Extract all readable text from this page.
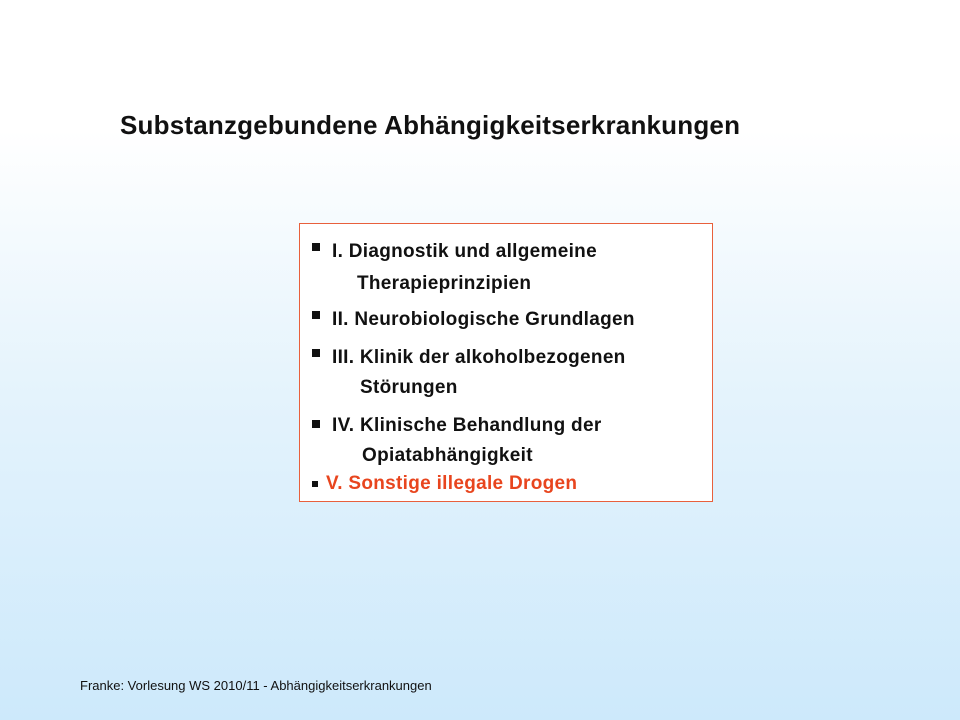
Substanzgebundene Abhängigkeitserkrankungen
I. Diagnostik und allgemeine
Therapieprinzipien
II. Neurobiologische Grundlagen
III. Klinik der alkoholbezogenen
Störungen
IV. Klinische Behandlung der
Opiatabhängigkeit
V. Sonstige illegale Drogen
Franke: Vorlesung WS 2010/11 - Abhängigkeitserkrankungen
